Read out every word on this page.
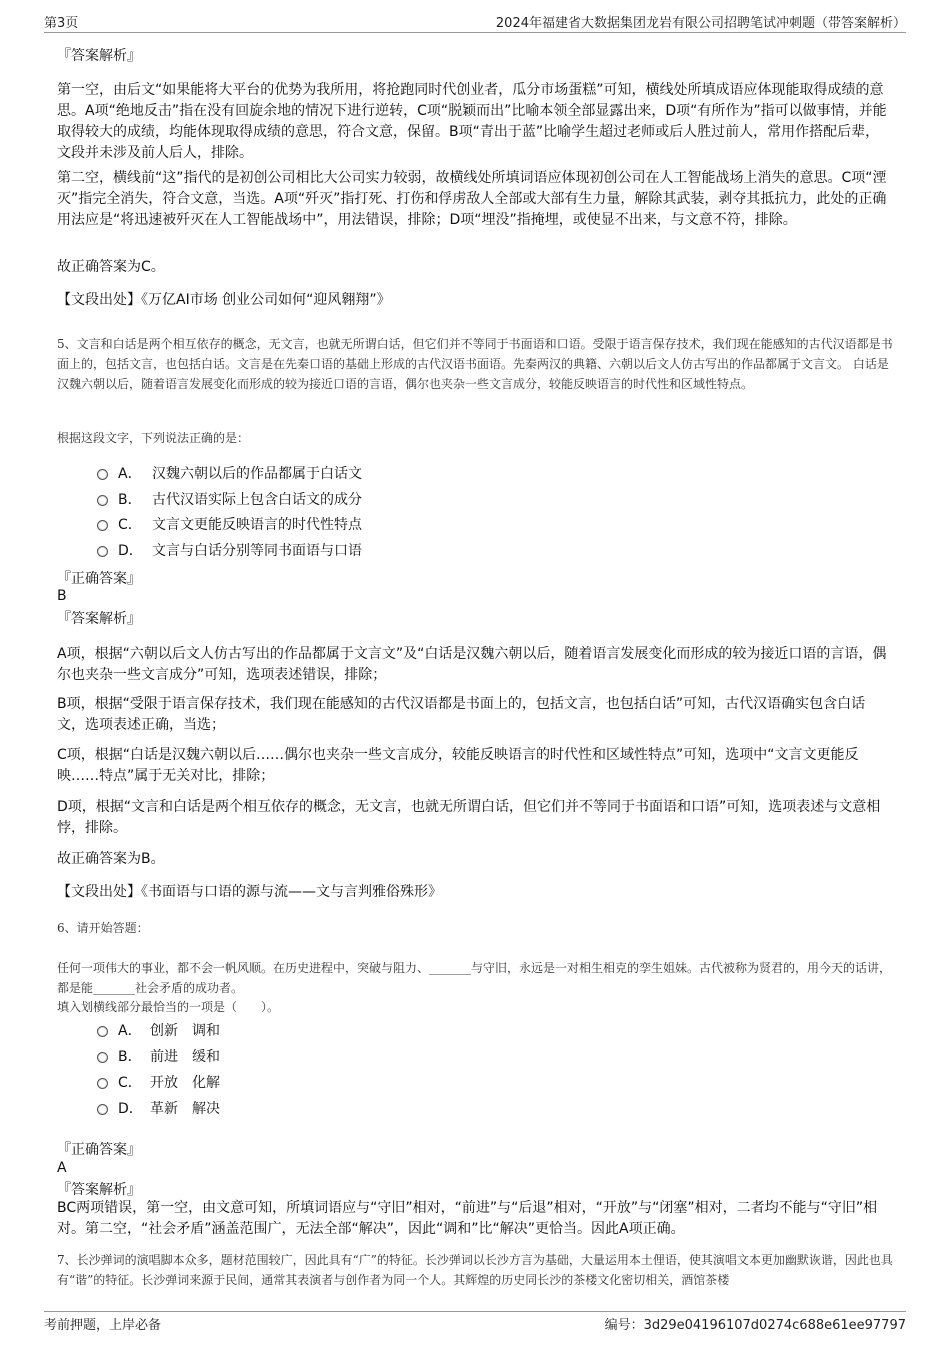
第3页	2024年福建省大数据集团龙岩有限公司招聘笔试冲刺题（带答案解析）
『答案解析』
第一空，由后文“如果能将大平台的优势为我所用，将抢跑同时代创业者，瓜分市场蛋糕”可知，横线处所填成语应体现能取得成绩的意思。A项“绝地反击”指在没有回旋余地的情况下进行逆转，C项“脱颖而出”比喻本领全部显露出来，D项“有所作为”指可以做事情，并能取得较大的成绩，均能体现取得成绩的意思，符合文意，保留。B项“青出于蓝”比喻学生超过老师或后人胜过前人，常用作搭配后辈，文段并未涉及前人后人，排除。
第二空，横线前“这”指代的是初创公司相比大公司实力较弱，故横线处所填词语应体现初创公司在人工智能战场上消失的意思。C项“湮灭”指完全消失，符合文意，当选。A项“歼灭”指打死、打伤和俘虏敌人全部或大部有生力量，解除其武装，剥夺其抵抗力，此处的正确用法应是“将迅速被歼灭在人工智能战场中”，用法错误，排除；D项“埋没”指掩埋，或使显不出来，与文意不符，排除。
故正确答案为C。
【文段出处】《万亿AI市场 创业公司如何“迎风翱翔”》
5、文言和白话是两个相互依存的概念，无文言，也就无所谓白话，但它们并不等同于书面语和口语。受限于语言保存技术，我们现在能感知的古代汉语都是书面上的，包括文言，也包括白话。文言是在先秦口语的基础上形成的古代汉语书面语。先秦两汉的典籍、六朝以后文人仿古写出的作品都属于文言文。 白话是汉魏六朝以后，随着语言发展变化而形成的较为接近口语的言语，偶尔也夹杂一些文言成分，较能反映语言的时代性和区域性特点。
根据这段文字，下列说法正确的是：
A． 汉魏六朝以后的作品都属于白话文
B． 古代汉语实际上包含白话文的成分
C． 文言文更能反映语言的时代性特点
D． 文言与白话分别等同书面语与口语
『正确答案』
B
『答案解析』
A项，根据“六朝以后文人仿古写出的作品都属于文言文”及“白话是汉魏六朝以后，随着语言发展变化而形成的较为接近口语的言语，偶尔也夹杂一些文言成分”可知，选项表述错误，排除；
B项，根据“受限于语言保存技术，我们现在能感知的古代汉语都是书面上的，包括文言，也包括白话”可知，古代汉语确实包含白话文，选项表述正确，当选；
C项，根据“白话是汉魏六朝以后……偶尔也夹杂一些文言成分，较能反映语言的时代性和区域性特点”可知，选项中“文言文更能反映……特点”属于无关对比，排除；
D项，根据“文言和白话是两个相互依存的概念，无文言，也就无所谓白话，但它们并不等同于书面语和口语”可知，选项表述与文意相悖，排除。
故正确答案为B。
【文段出处】《书面语与口语的源与流——文与言判雅俗殊形》
6、请开始答题：
任何一项伟大的事业，都不会一帆风顺。在历史进程中，突破与阻力、_______与守旧，永远是一对相生相克的孪生姐妹。古代被称为贤君的，用今天的话讲，都是能_______社会矛盾的成功者。
填入划横线部分最恰当的一项是（　　）。
A． 创新　调和
B． 前进　缓和
C． 开放　化解
D． 革新　解决
『正确答案』
A
『答案解析』
BC两项错误，第一空，由文意可知，所填词语应与“守旧”相对，“前进”与“后退”相对，“开放”与“闭塞”相对，二者均不能与“守旧”相对。第二空，“社会矛盾”涵盖范围广，无法全部“解决”，因此“调和”比“解决”更恰当。因此A项正确。
7、长沙弹词的演唱脚本众多，题材范围较广，因此具有“广”的特征。长沙弹词以长沙方言为基础，大量运用本土俚语，使其演唱文本更加幽默诙谐，因此也具有“谐”的特征。长沙弹词来源于民间，通常其表演者与创作者为同一个人。其辉煌的历史同长沙的茶楼文化密切相关，酒馆茶楼
考前押题，上岸必备	编号：3d29e04196107d0274c688e61ee97797
